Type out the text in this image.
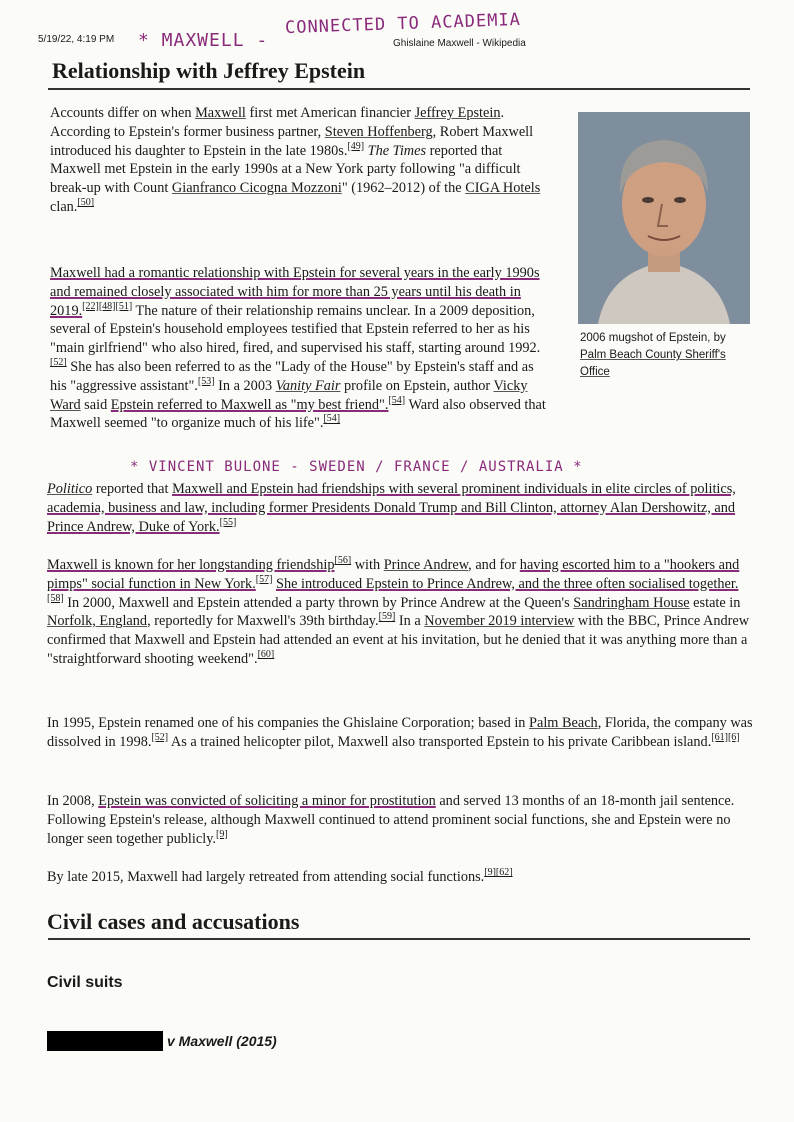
5/19/22, 4:19 PM	Ghislaine Maxwell - Wikipedia
* MAXWELL -
CONNECTED TO ACADEMIA
Relationship with Jeffrey Epstein

Accounts differ on when Maxwell first met American financier Jeffrey Epstein. According to Epstein's former business partner, Steven Hoffenberg, Robert Maxwell introduced his daughter to Epstein in the late 1980s.[49] The Times reported that Maxwell met Epstein in the early 1990s at a New York party following "a difficult break-up with Count Gianfranco Cicogna Mozzoni" (1962–2012) of the CIGA Hotels clan.[50]

Maxwell had a romantic relationship with Epstein for several years in the early 1990s and remained closely associated with him for more than 25 years until his death in 2019.[22][48][51] The nature of their relationship remains unclear. In a 2009 deposition, several of Epstein's household employees testified that Epstein referred to her as his "main girlfriend" who also hired, fired, and supervised his staff, starting around 1992.[52] She has also been referred to as the "Lady of the House" by Epstein's staff and as his "aggressive assistant".[53] In a 2003 Vanity Fair profile on Epstein, author Vicky Ward said Epstein referred to Maxwell as "my best friend".[54] Ward also observed that Maxwell seemed "to organize much of his life".[54]

* VINCENT BULONE - SWEDEN / FRANCE / AUSTRALIA *

Politico reported that Maxwell and Epstein had friendships with several prominent individuals in elite circles of politics, academia, business and law, including former Presidents Donald Trump and Bill Clinton, attorney Alan Dershowitz, and Prince Andrew, Duke of York.[55]

Maxwell is known for her longstanding friendship[56] with Prince Andrew, and for having escorted him to a "hookers and pimps" social function in New York.[57] She introduced Epstein to Prince Andrew, and the three often socialised together.[58] In 2000, Maxwell and Epstein attended a party thrown by Prince Andrew at the Queen's Sandringham House estate in Norfolk, England, reportedly for Maxwell's 39th birthday.[59] In a November 2019 interview with the BBC, Prince Andrew confirmed that Maxwell and Epstein had attended an event at his invitation, but he denied that it was anything more than a "straightforward shooting weekend".[60]

In 1995, Epstein renamed one of his companies the Ghislaine Corporation; based in Palm Beach, Florida, the company was dissolved in 1998.[52] As a trained helicopter pilot, Maxwell also transported Epstein to his private Caribbean island.[61][6]

In 2008, Epstein was convicted of soliciting a minor for prostitution and served 13 months of an 18-month jail sentence. Following Epstein's release, although Maxwell continued to attend prominent social functions, she and Epstein were no longer seen together publicly.[9]

By late 2015, Maxwell had largely retreated from attending social functions.[9][62]

2006 mugshot of Epstein, by Palm Beach County Sheriff's Office
Civil cases and accusations
Civil suits
v Maxwell (2015)
